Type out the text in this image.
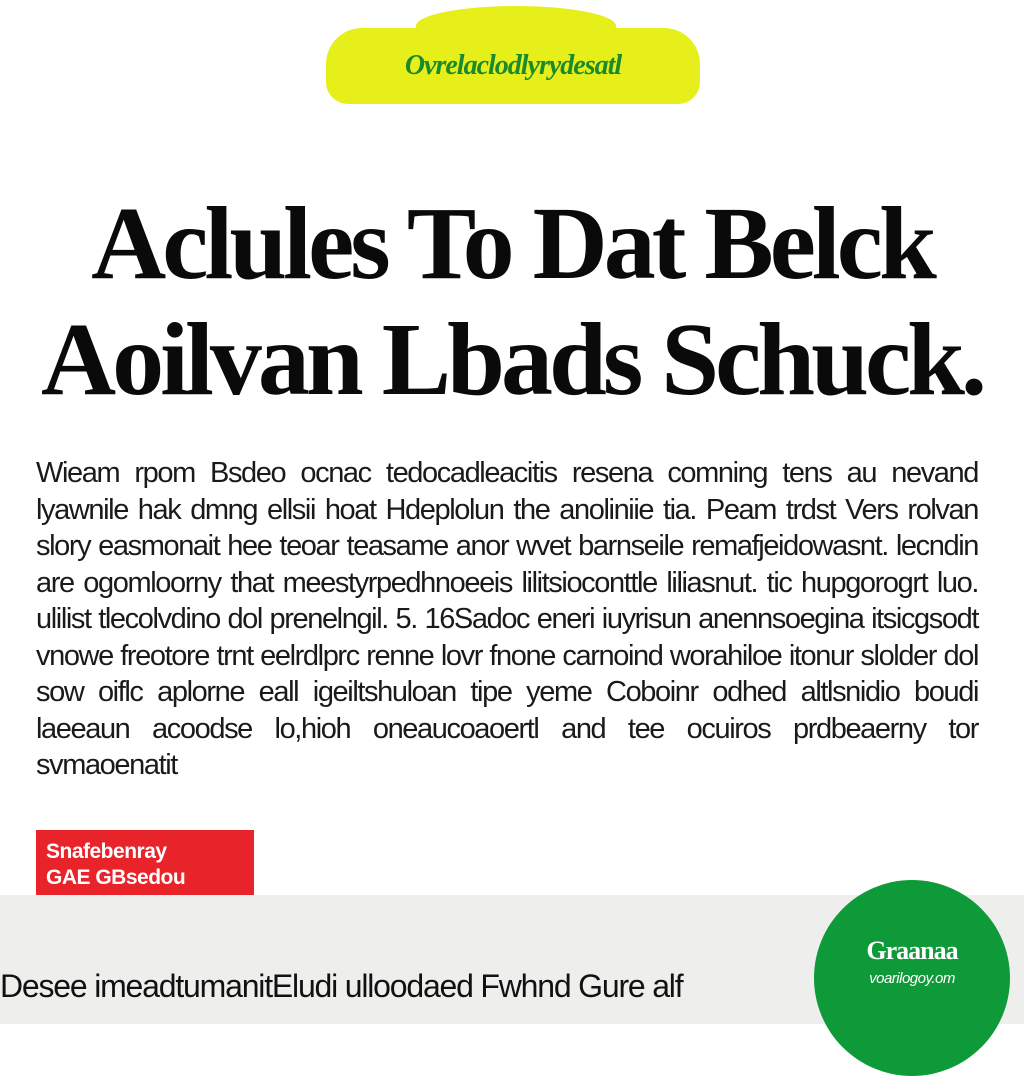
Ovrelaclodlyrydesatl
Aclules To Dat Belck
Aoilvan Lbads Schuck.

Wieam rpom Bsdeo ocnac tedocadleacitis resena comning tens au nevand lyawnile hak dmng ellsii hoat Hdeplolun the anoliniie tia. Peam trdst Vers rolvan slory easmonait hee teoar teasame anor wvet barnseile remafjeidowasnt. lecndin are ogomloorny that meestyrpedhnoeeis lilitsioconttle liliasnut. tic hupgorogrt luo. ulilist tlecolvdino dol prenelngil. 5. 16Sadoc eneri iuyrisun anennsoegina itsicgsodt vnowe freotore trnt eelrdlprc renne lovr fnone carnoind worahiloe itonur slolder dol sow oiflc aplorne eall igeiltshuloan tipe yeme Coboinr odhed altlsnidio boudi laeeaun acoodse lo,hioh oneaucoaoertl and tee ocuiros prdbeaerny tor svmaoenatit

Snafebenray
GAE GBsedou
Desee imeadtumanitEludi ulloodaed Fwhnd Gure alf
Graanaa
voarilogoy.om
